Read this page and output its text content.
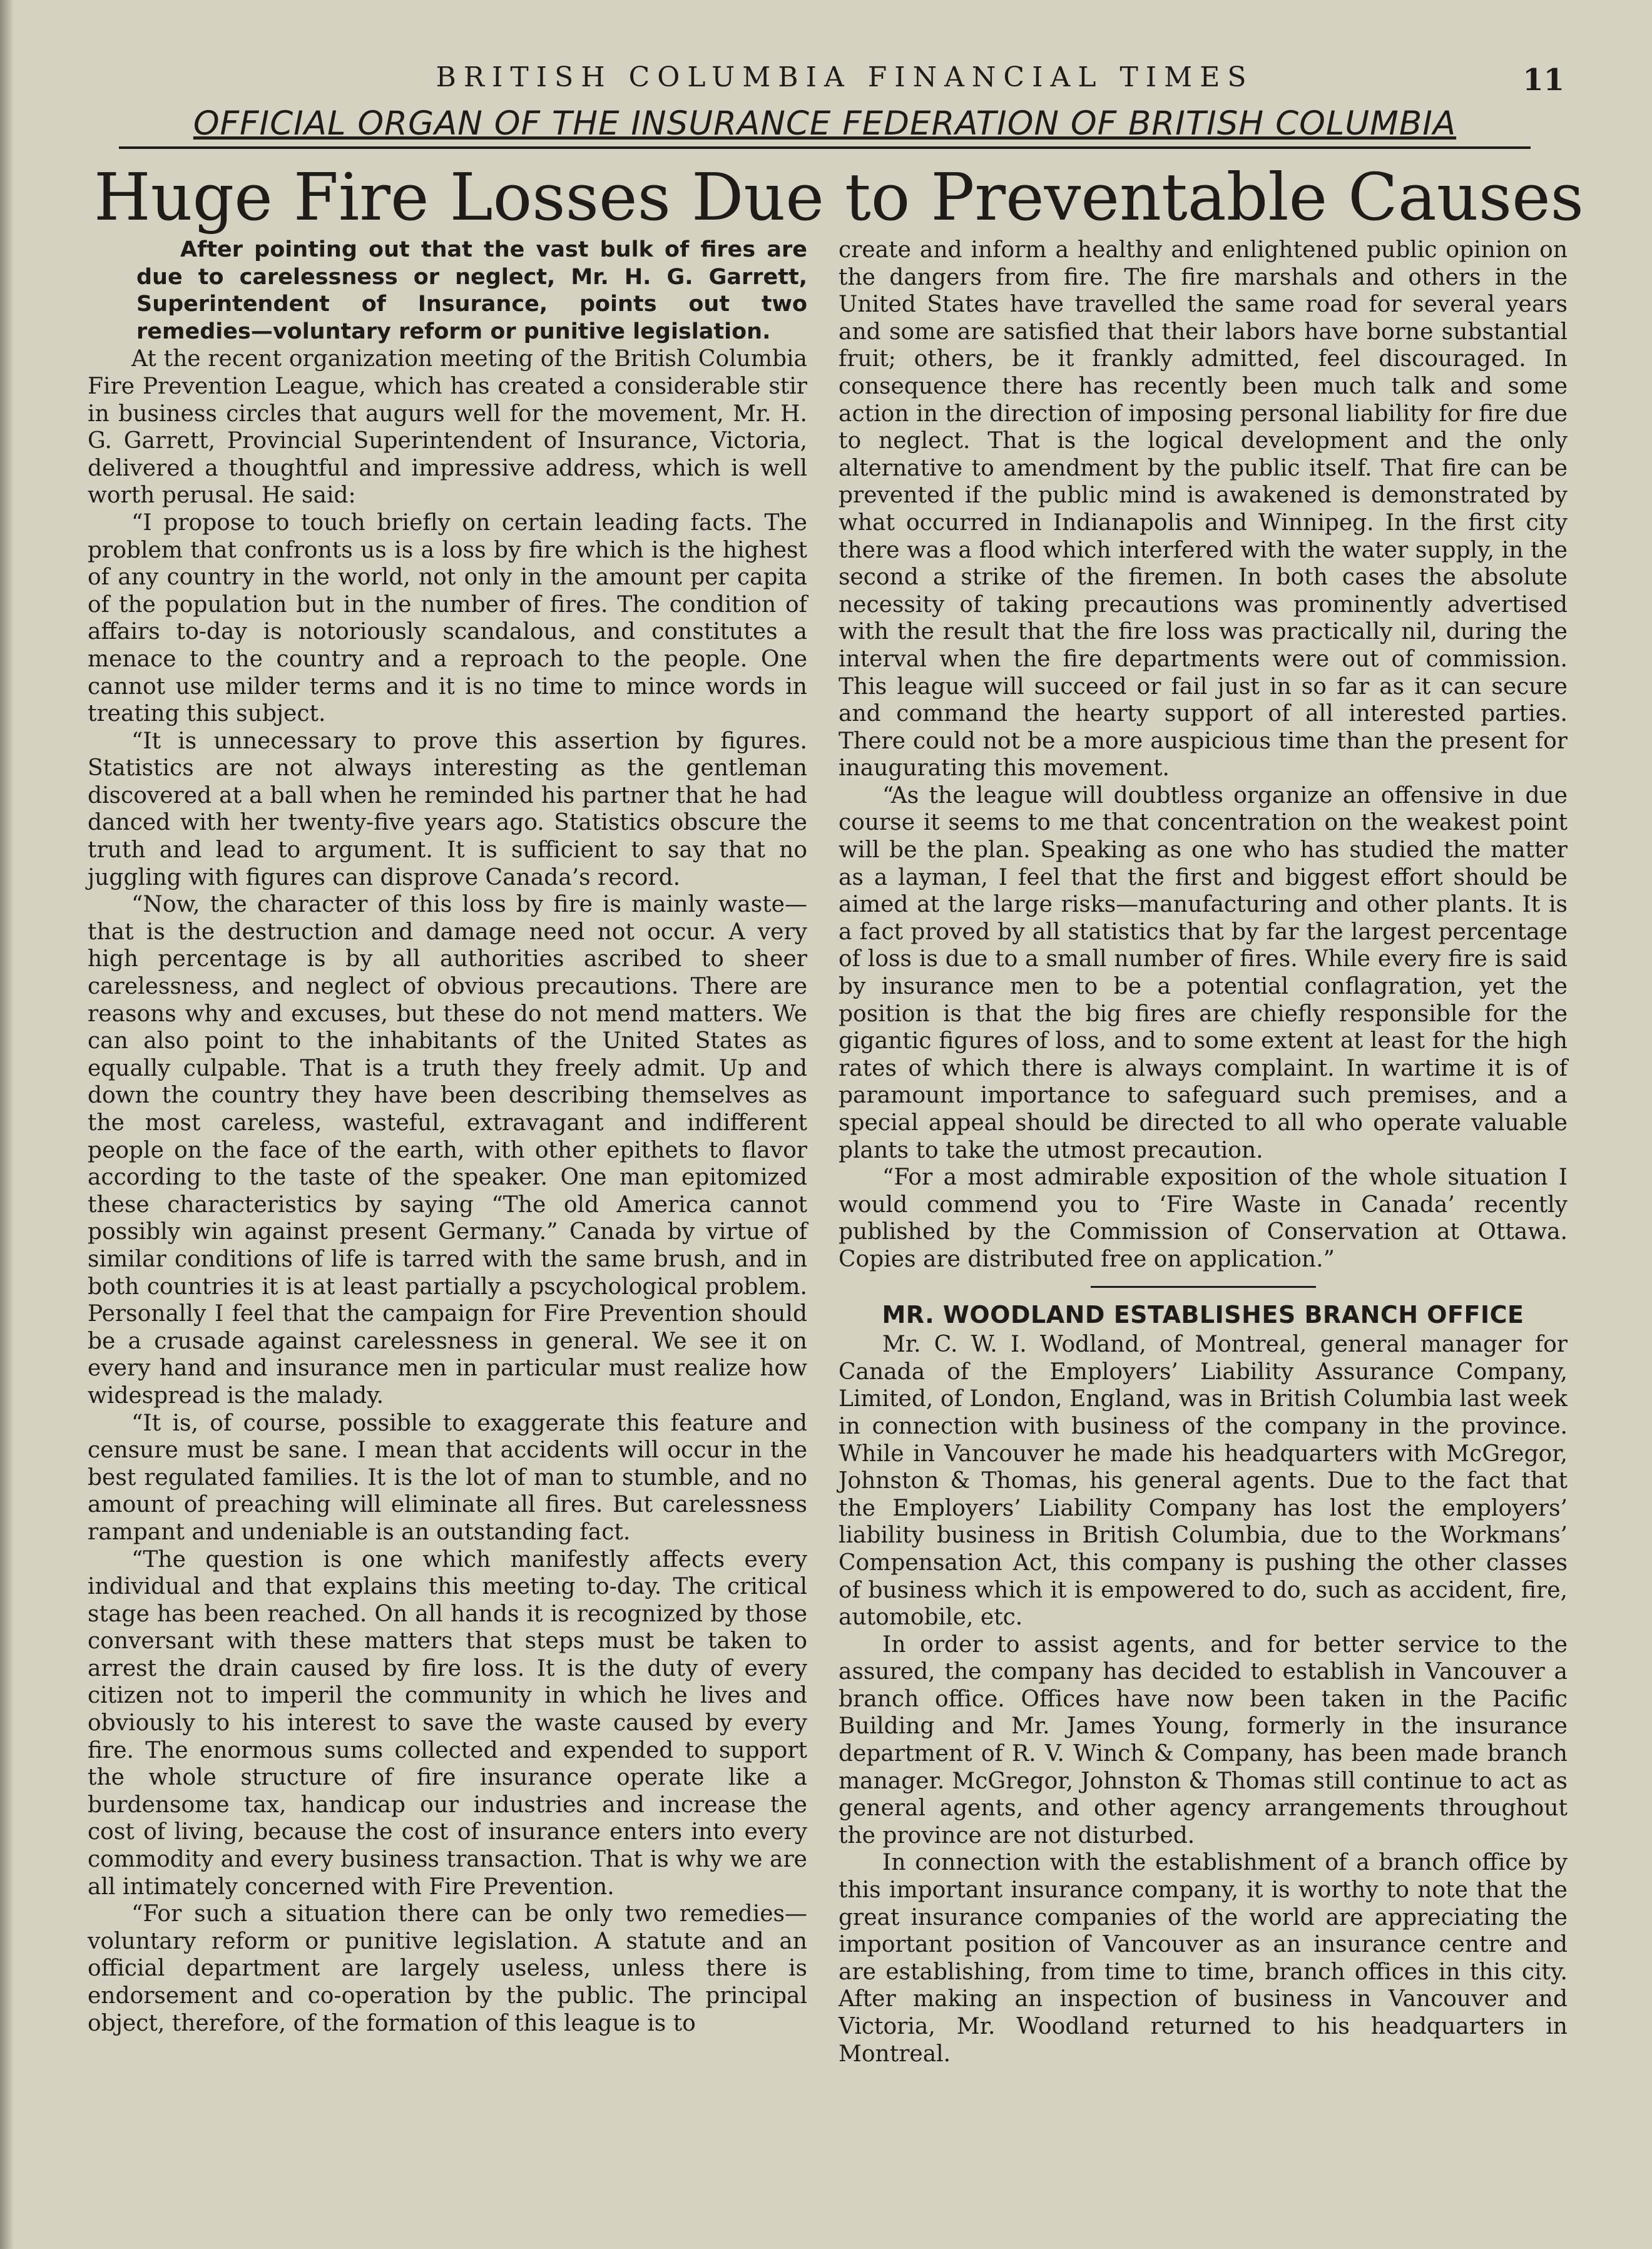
BRITISH COLUMBIA FINANCIAL TIMES	11
OFFICIAL ORGAN OF THE INSURANCE FEDERATION OF BRITISH COLUMBIA
Huge Fire Losses Due to Preventable Causes

After pointing out that the vast bulk of fires are due to carelessness or neglect, Mr. H. G. Garrett, Superintendent of Insurance, points out two remedies—voluntary reform or punitive legislation.

At the recent organization meeting of the British Columbia Fire Prevention League, which has created a considerable stir in business circles that augurs well for the movement, Mr. H. G. Garrett, Provincial Superintendent of Insurance, Victoria, delivered a thoughtful and impressive address, which is well worth perusal. He said:

“I propose to touch briefly on certain leading facts. The problem that confronts us is a loss by fire which is the highest of any country in the world, not only in the amount per capita of the population but in the number of fires. The condition of affairs to-day is notoriously scandalous, and constitutes a menace to the country and a reproach to the people. One cannot use milder terms and it is no time to mince words in treating this subject.

“It is unnecessary to prove this assertion by figures. Statistics are not always interesting as the gentleman discovered at a ball when he reminded his partner that he had danced with her twenty-five years ago. Statistics obscure the truth and lead to argument. It is sufficient to say that no juggling with figures can disprove Canada’s record.

“Now, the character of this loss by fire is mainly waste—that is the destruction and damage need not occur. A very high percentage is by all authorities ascribed to sheer carelessness, and neglect of obvious precautions. There are reasons why and excuses, but these do not mend matters. We can also point to the inhabitants of the United States as equally culpable. That is a truth they freely admit. Up and down the country they have been describing themselves as the most careless, wasteful, extravagant and indifferent people on the face of the earth, with other epithets to flavor according to the taste of the speaker. One man epitomized these characteristics by saying “The old America cannot possibly win against present Germany.” Canada by virtue of similar conditions of life is tarred with the same brush, and in both countries it is at least partially a pscychological problem. Personally I feel that the campaign for Fire Prevention should be a crusade against carelessness in general. We see it on every hand and insurance men in particular must realize how widespread is the malady.

“It is, of course, possible to exaggerate this feature and censure must be sane. I mean that accidents will occur in the best regulated families. It is the lot of man to stumble, and no amount of preaching will eliminate all fires. But carelessness rampant and undeniable is an outstanding fact.

“The question is one which manifestly affects every individual and that explains this meeting to-day. The critical stage has been reached. On all hands it is recognized by those conversant with these matters that steps must be taken to arrest the drain caused by fire loss. It is the duty of every citizen not to imperil the community in which he lives and obviously to his interest to save the waste caused by every fire. The enormous sums collected and expended to support the whole structure of fire insurance operate like a burdensome tax, handicap our industries and increase the cost of living, because the cost of insurance enters into every commodity and every business transaction. That is why we are all intimately concerned with Fire Prevention.

“For such a situation there can be only two remedies—voluntary reform or punitive legislation. A statute and an official department are largely useless, unless there is endorsement and co-operation by the public. The principal object, therefore, of the formation of this league is to

create and inform a healthy and enlightened public opinion on the dangers from fire. The fire marshals and others in the United States have travelled the same road for several years and some are satisfied that their labors have borne substantial fruit; others, be it frankly admitted, feel discouraged. In consequence there has recently been much talk and some action in the direction of imposing personal liability for fire due to neglect. That is the logical development and the only alternative to amendment by the public itself. That fire can be prevented if the public mind is awakened is demonstrated by what occurred in Indianapolis and Winnipeg. In the first city there was a flood which interfered with the water supply, in the second a strike of the firemen. In both cases the absolute necessity of taking precautions was prominently advertised with the result that the fire loss was practically nil, during the interval when the fire departments were out of commission. This league will succeed or fail just in so far as it can secure and command the hearty support of all interested parties. There could not be a more auspicious time than the present for inaugurating this movement.

“As the league will doubtless organize an offensive in due course it seems to me that concentration on the weakest point will be the plan. Speaking as one who has studied the matter as a layman, I feel that the first and biggest effort should be aimed at the large risks—manufacturing and other plants. It is a fact proved by all statistics that by far the largest percentage of loss is due to a small number of fires. While every fire is said by insurance men to be a potential conflagration, yet the position is that the big fires are chiefly responsible for the gigantic figures of loss, and to some extent at least for the high rates of which there is always complaint. In wartime it is of paramount importance to safeguard such premises, and a special appeal should be directed to all who operate valuable plants to take the utmost precaution.

“For a most admirable exposition of the whole situation I would commend you to ‘Fire Waste in Canada’ recently published by the Commission of Conservation at Ottawa. Copies are distributed free on application.”

MR. WOODLAND ESTABLISHES BRANCH OFFICE

Mr. C. W. I. Wodland, of Montreal, general manager for Canada of the Employers’ Liability Assurance Company, Limited, of London, England, was in British Columbia last week in connection with business of the company in the province. While in Vancouver he made his headquarters with McGregor, Johnston & Thomas, his general agents. Due to the fact that the Employers’ Liability Company has lost the employers’ liability business in British Columbia, due to the Workmans’ Compensation Act, this company is pushing the other classes of business which it is empowered to do, such as accident, fire, automobile, etc.

In order to assist agents, and for better service to the assured, the company has decided to establish in Vancouver a branch office. Offices have now been taken in the Pacific Building and Mr. James Young, formerly in the insurance department of R. V. Winch & Company, has been made branch manager. McGregor, Johnston & Thomas still continue to act as general agents, and other agency arrangements throughout the province are not disturbed.

In connection with the establishment of a branch office by this important insurance company, it is worthy to note that the great insurance companies of the world are appreciating the important position of Vancouver as an insurance centre and are establishing, from time to time, branch offices in this city. After making an inspection of business in Vancouver and Victoria, Mr. Woodland returned to his headquarters in Montreal.
